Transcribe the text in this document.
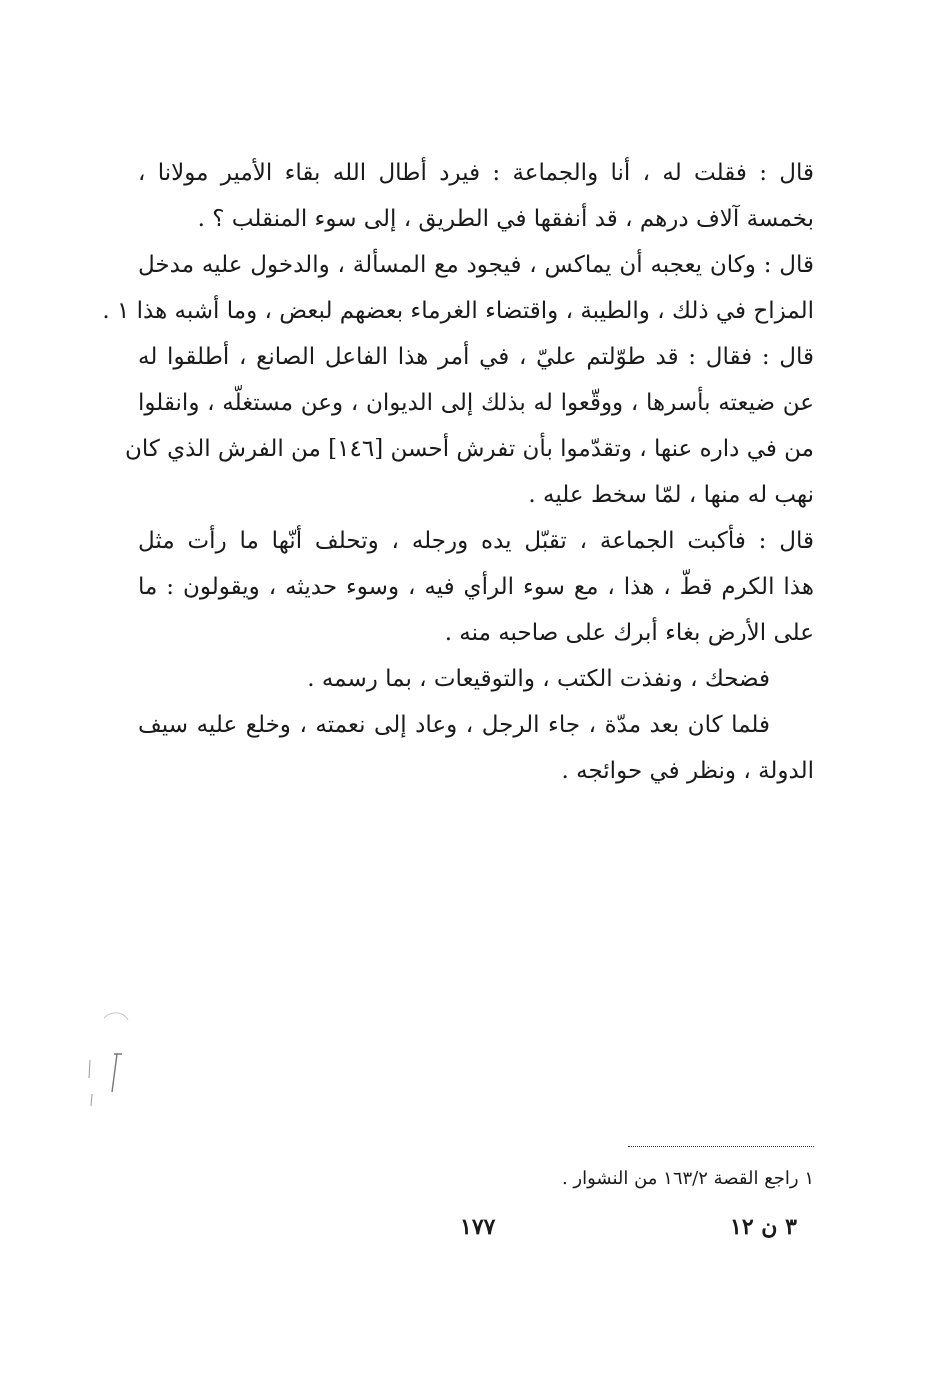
قال : فقلت له ، أنا والجماعة : فيرد أطال الله بقاء الأمير مولانا ،
بخمسة آلاف درهم ، قد أنفقها في الطريق ، إلى سوء المنقلب ؟ .
قال : وكان يعجبه أن يماكس ، فيجود مع المسألة ، والدخول عليه مدخل
المزاح في ذلك ، والطيبة ، واقتضاء الغرماء بعضهم لبعض ، وما أشبه هذا ١ .
قال : فقال : قد طوّلتم عليّ ، في أمر هذا الفاعل الصانع ، أطلقوا له
عن ضيعته بأسرها ، ووقّعوا له بذلك إلى الديوان ، وعن مستغلّه ، وانقلوا
من في داره عنها ، وتقدّموا بأن تفرش أحسن [١٤٦] من الفرش الذي كان
نهب له منها ، لمّا سخط عليه .
قال : فأكبت الجماعة ، تقبّل يده ورجله ، وتحلف أنّها ما رأت مثل
هذا الكرم قطّ ، هذا ، مع سوء الرأي فيه ، وسوء حديثه ، ويقولون : ما
على الأرض بغاء أبرك على صاحبه منه .
فضحك ، ونفذت الكتب ، والتوقيعات ، بما رسمه .
فلما كان بعد مدّة ، جاء الرجل ، وعاد إلى نعمته ، وخلع عليه سيف
الدولة ، ونظر في حوائجه .
١ راجع القصة ١٦٣/٢ من النشوار .
١٧٧	٣ ن ١٢
